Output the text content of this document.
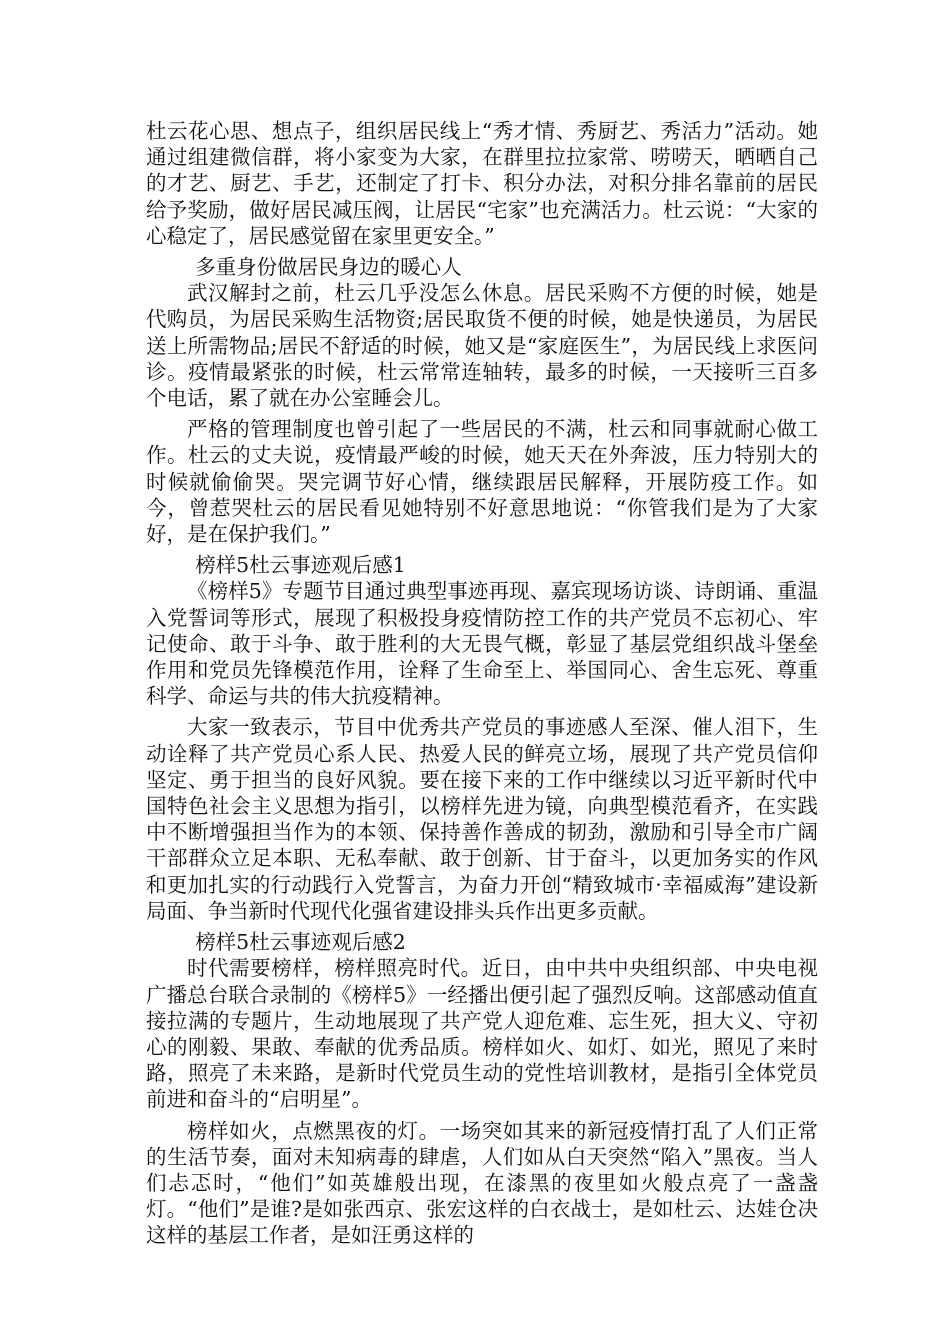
杜云花心思、想点子，组织居民线上“秀才情、秀厨艺、秀活力”活动。她通过组建微信群，将小家变为大家，在群里拉拉家常、唠唠天，晒晒自己的才艺、厨艺、手艺，还制定了打卡、积分办法，对积分排名靠前的居民给予奖励，做好居民减压阀，让居民“宅家”也充满活力。杜云说：“大家的心稳定了，居民感觉留在家里更安全。”

多重身份做居民身边的暖心人

武汉解封之前，杜云几乎没怎么休息。居民采购不方便的时候，她是代购员，为居民采购生活物资;居民取货不便的时候，她是快递员，为居民送上所需物品;居民不舒适的时候，她又是“家庭医生”，为居民线上求医问诊。疫情最紧张的时候，杜云常常连轴转，最多的时候，一天接听三百多个电话，累了就在办公室睡会儿。

严格的管理制度也曾引起了一些居民的不满，杜云和同事就耐心做工作。杜云的丈夫说，疫情最严峻的时候，她天天在外奔波，压力特别大的时候就偷偷哭。哭完调节好心情，继续跟居民解释，开展防疫工作。如今，曾惹哭杜云的居民看见她特别不好意思地说：“你管我们是为了大家好，是在保护我们。”

榜样5杜云事迹观后感1

《榜样5》专题节目通过典型事迹再现、嘉宾现场访谈、诗朗诵、重温入党誓词等形式，展现了积极投身疫情防控工作的共产党员不忘初心、牢记使命、敢于斗争、敢于胜利的大无畏气概，彰显了基层党组织战斗堡垒作用和党员先锋模范作用，诠释了生命至上、举国同心、舍生忘死、尊重科学、命运与共的伟大抗疫精神。

大家一致表示，节目中优秀共产党员的事迹感人至深、催人泪下，生动诠释了共产党员心系人民、热爱人民的鲜亮立场，展现了共产党员信仰坚定、勇于担当的良好风貌。要在接下来的工作中继续以习近平新时代中国特色社会主义思想为指引，以榜样先进为镜，向典型模范看齐，在实践中不断增强担当作为的本领、保持善作善成的韧劲，激励和引导全市广阔干部群众立足本职、无私奉献、敢于创新、甘于奋斗，以更加务实的作风和更加扎实的行动践行入党誓言，为奋力开创“精致城市·幸福威海”建设新局面、争当新时代现代化强省建设排头兵作出更多贡献。

榜样5杜云事迹观后感2

时代需要榜样，榜样照亮时代。近日，由中共中央组织部、中央电视广播总台联合录制的《榜样5》一经播出便引起了强烈反响。这部感动值直接拉满的专题片，生动地展现了共产党人迎危难、忘生死，担大义、守初心的刚毅、果敢、奉献的优秀品质。榜样如火、如灯、如光，照见了来时路，照亮了未来路，是新时代党员生动的党性培训教材，是指引全体党员前进和奋斗的“启明星”。

榜样如火，点燃黑夜的灯。一场突如其来的新冠疫情打乱了人们正常的生活节奏，面对未知病毒的肆虐，人们如从白天突然“陷入”黑夜。当人们忐忑时，“他们”如英雄般出现，在漆黑的夜里如火般点亮了一盏盏灯。“他们”是谁?是如张西京、张宏这样的白衣战士，是如杜云、达娃仓决这样的基层工作者，是如汪勇这样的
